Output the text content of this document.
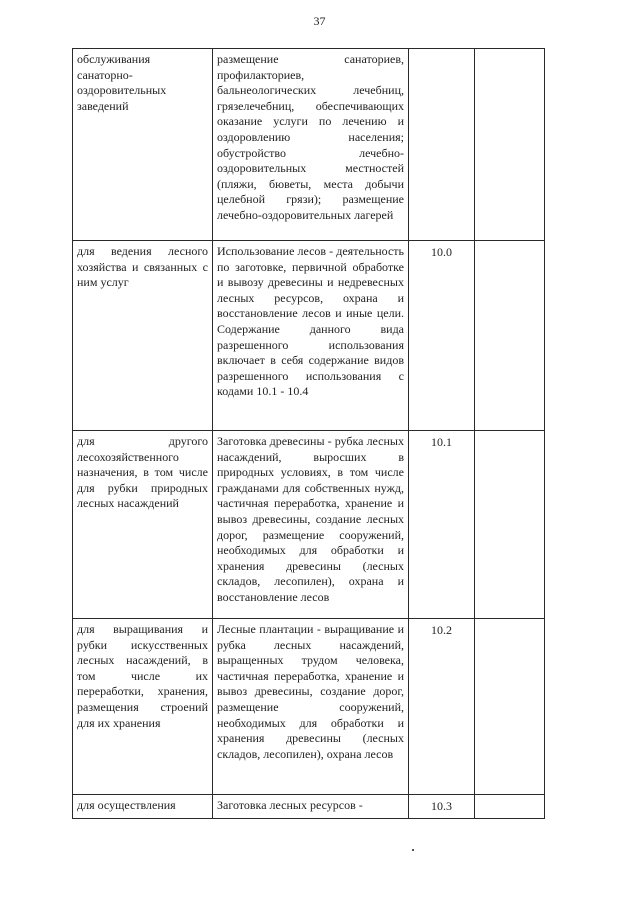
37
обслуживания санаторно-оздоровительных заведений	размещение санаториев, профилакториев, бальнеологических лечебниц, грязелечебниц, обеспечивающих оказание услуги по лечению и оздоровлению населения; обустройство лечебно-оздоровительных местностей (пляжи, бюветы, места добычи целебной грязи); размещение лечебно-оздоровительных лагерей		
для ведения лесного хозяйства и связанных с ним услуг	Использование лесов - деятельность по заготовке, первичной обработке и вывозу древесины и недревесных лесных ресурсов, охрана и восстановление лесов и иные цели. Содержание данного вида разрешенного использования включает в себя содержание видов разрешенного использования с кодами 10.1 - 10.4	10.0	
для другого лесохозяйственного назначения, в том числе для рубки природных лесных насаждений	Заготовка древесины - рубка лесных насаждений, выросших в природных условиях, в том числе гражданами для собственных нужд, частичная переработка, хранение и вывоз древесины, создание лесных дорог, размещение сооружений, необходимых для обработки и хранения древесины (лесных складов, лесопилен), охрана и восстановление лесов	10.1	
для выращивания и рубки искусственных лесных насаждений, в том числе их переработки, хранения, размещения строений для их хранения	Лесные плантации - выращивание и рубка лесных насаждений, выращенных трудом человека, частичная переработка, хранение и вывоз древесины, создание дорог, размещение сооружений, необходимых для обработки и хранения древесины (лесных складов, лесопилен), охрана лесов	10.2	
для осуществления	Заготовка лесных ресурсов -	10.3	
